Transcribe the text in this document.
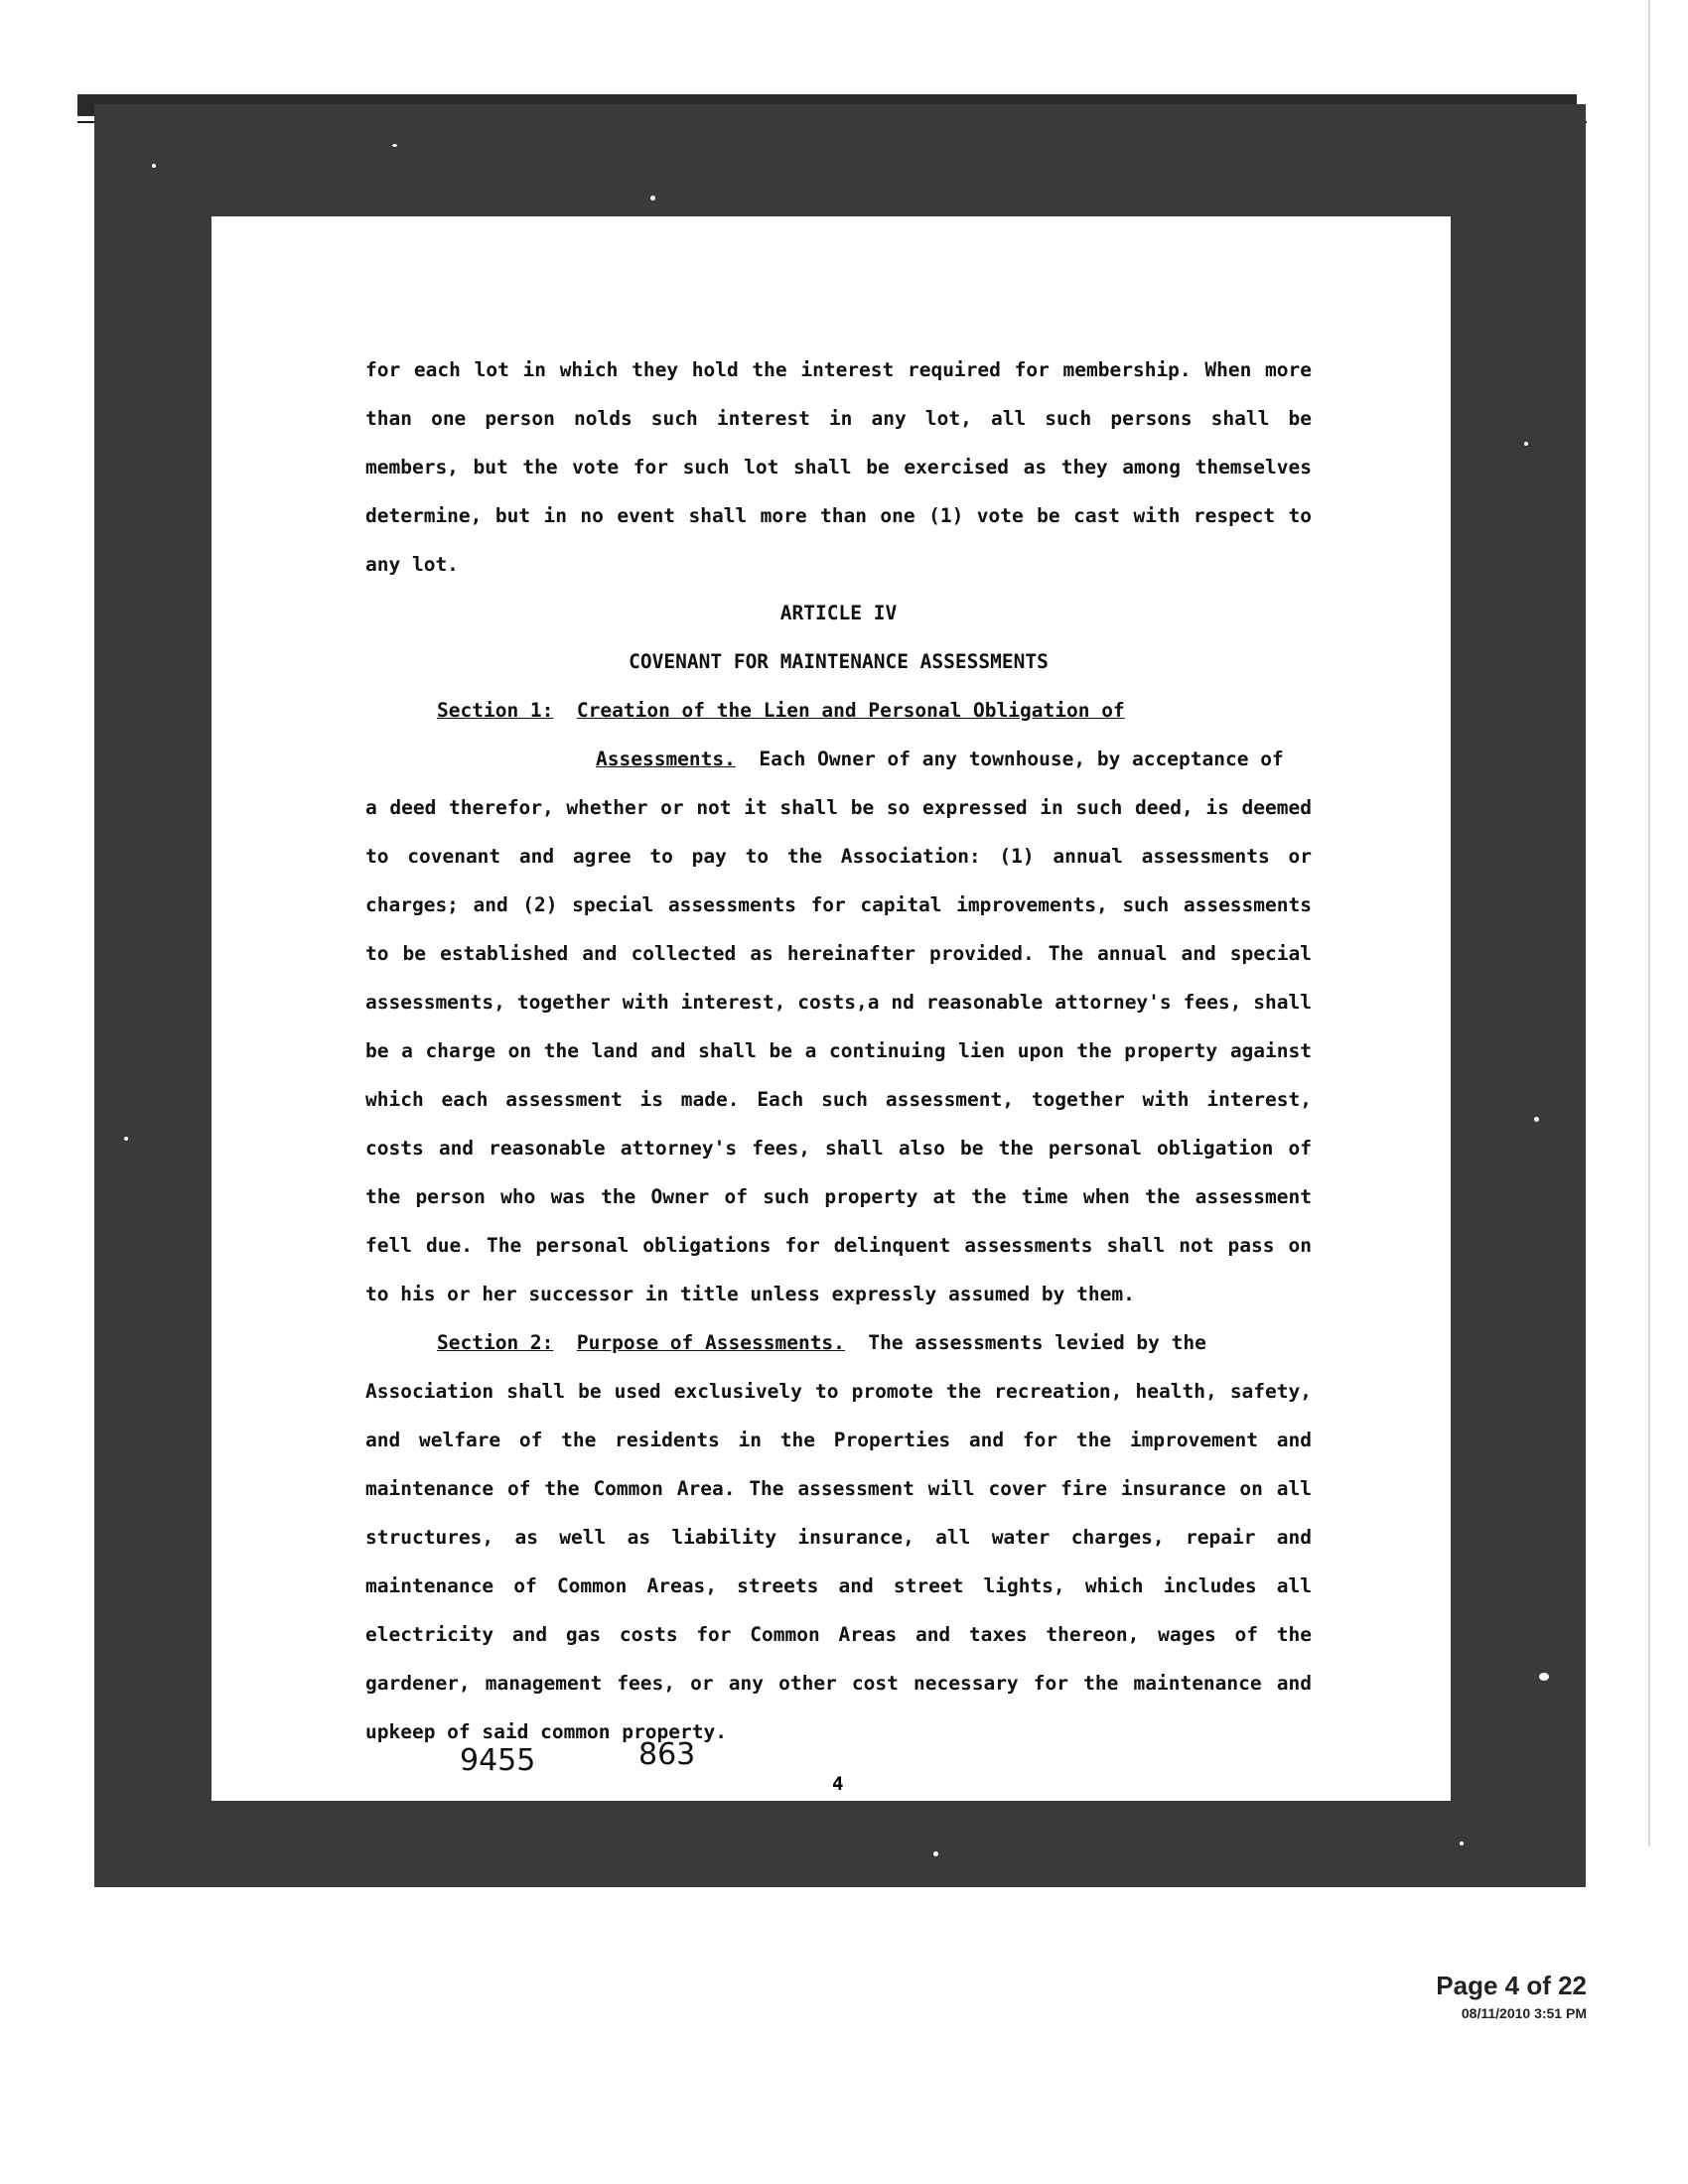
for each lot in which they hold the interest required for membership. When more
than one person nolds such interest in any lot, all such persons shall be
members, but the vote for such lot shall be exercised as they among themselves
determine, but in no event shall more than one (1) vote be cast with respect to
any lot.
ARTICLE IV
COVENANT FOR MAINTENANCE ASSESSMENTS
Section 1: Creation of the Lien and Personal Obligation of
Assessments. Each Owner of any townhouse, by acceptance of
a deed therefor, whether or not it shall be so expressed in such deed, is deemed
to covenant and agree to pay to the Association: (1) annual assessments or
charges; and (2) special assessments for capital improvements, such assessments
to be established and collected as hereinafter provided. The annual and special
assessments, together with interest, costs,a nd reasonable attorney's fees, shall
be a charge on the land and shall be a continuing lien upon the property against
which each assessment is made. Each such assessment, together with interest,
costs and reasonable attorney's fees, shall also be the personal obligation of
the person who was the Owner of such property at the time when the assessment
fell due. The personal obligations for delinquent assessments shall not pass on
to his or her successor in title unless expressly assumed by them.
Section 2: Purpose of Assessments. The assessments levied by the
Association shall be used exclusively to promote the recreation, health, safety,
and welfare of the residents in the Properties and for the improvement and
maintenance of the Common Area. The assessment will cover fire insurance on all
structures, as well as liability insurance, all water charges, repair and
maintenance of Common Areas, streets and street lights, which includes all
electricity and gas costs for Common Areas and taxes thereon, wages of the
gardener, management fees, or any other cost necessary for the maintenance and
upkeep of said common property.
9455	863
4
Page 4 of 22
08/11/2010 3:51 PM
